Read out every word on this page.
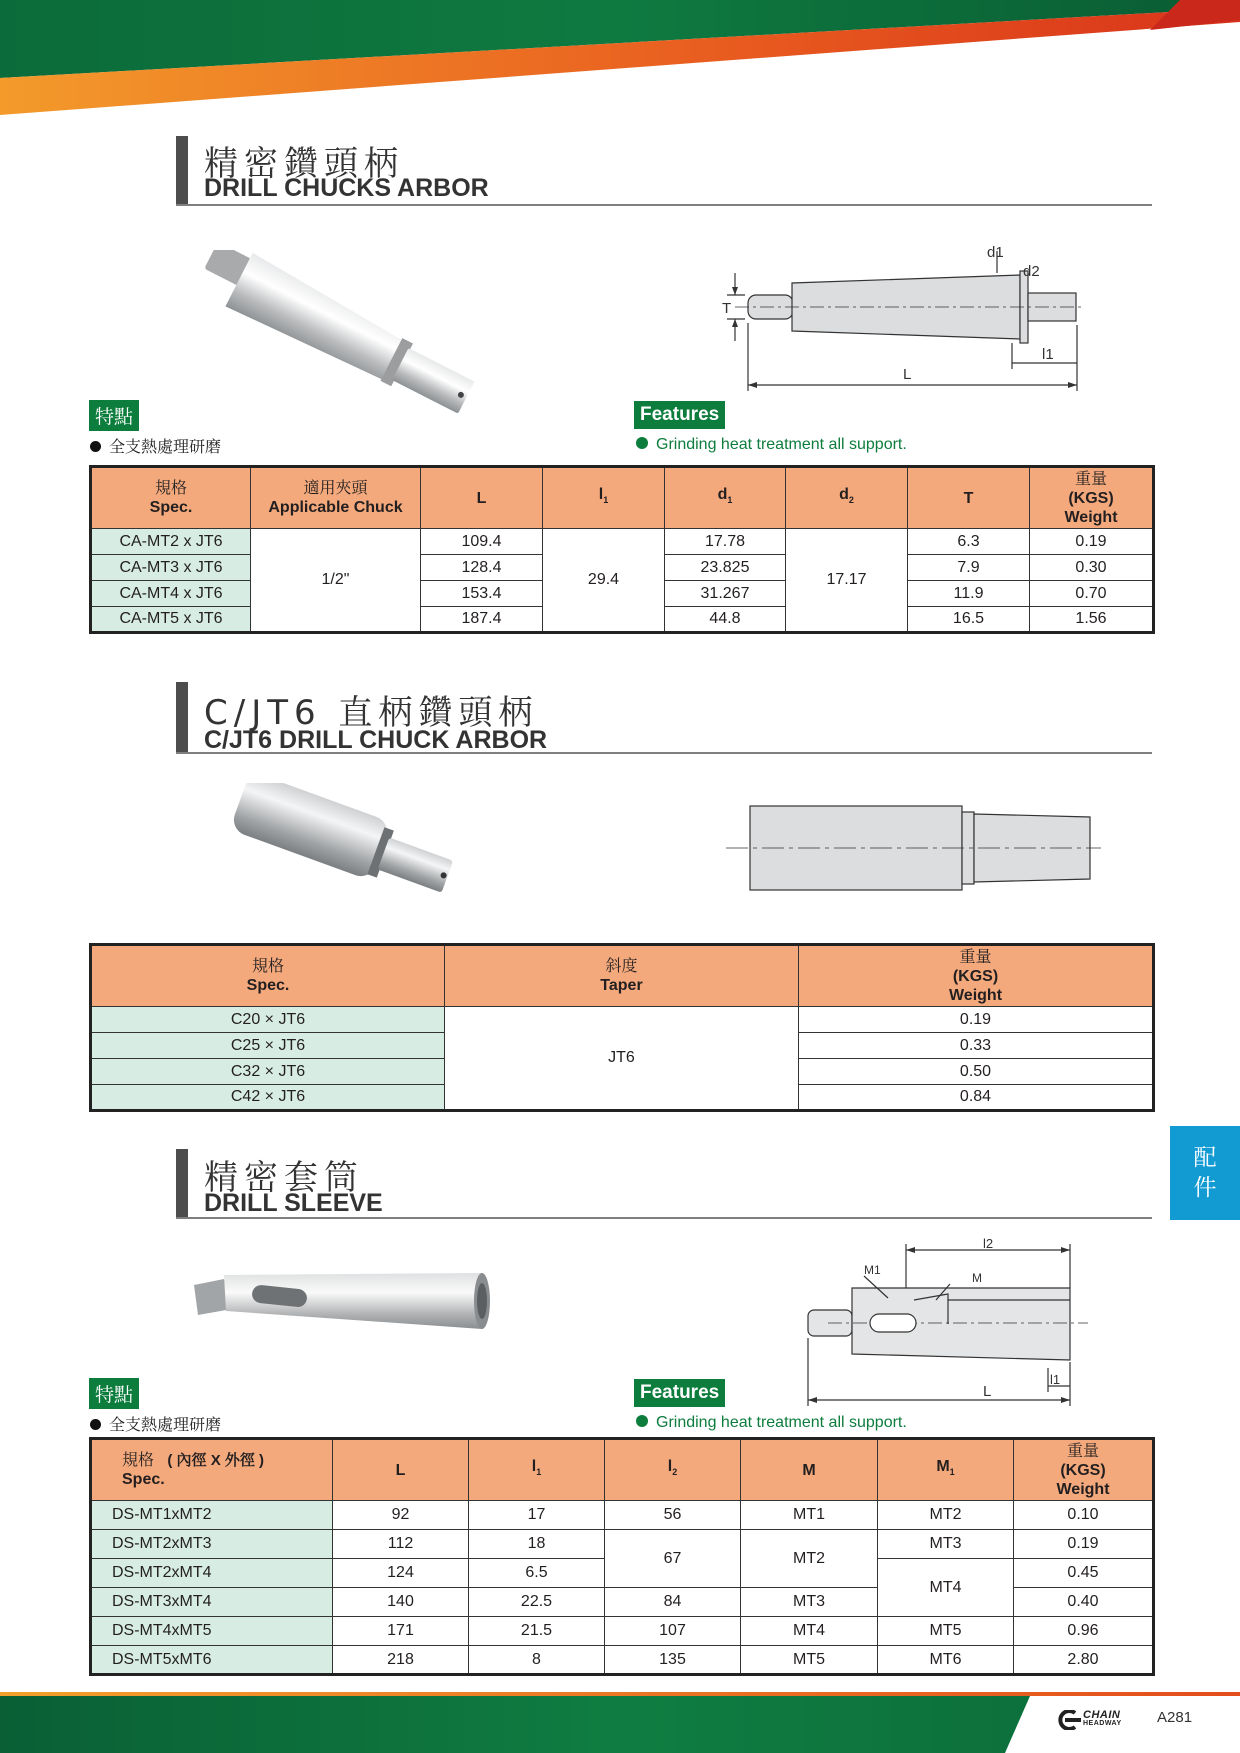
精密鑽頭柄
DRILL CHUCKS ARBOR
L
l1
d1
d2
T
特點
全支熱處理研磨
Features
Grinding heat treatment all support.
規格
Spec.	適用夾頭
Applicable Chuck	L	$l_1$	$d_1$	$d_2$	T	重量
(KGS)
Weight
CA-MT2 x JT6	1/2"	109.4	29.4	17.78	17.17	6.3	0.19
CA-MT3 x JT6		128.4		23.825		7.9	0.30
CA-MT4 x JT6		153.4		31.267		11.9	0.70
CA-MT5 x JT6		187.4		44.8		16.5	1.56
C/JT6 直柄鑽頭柄
C/JT6 DRILL CHUCK ARBOR
規格
Spec.	斜度
Taper	重量
(KGS)
Weight
C20 × JT6	JT6	0.19
C25 × JT6		0.33
C32 × JT6		0.50
C42 × JT6		0.84
配
件
精密套筒
DRILL SLEEVE
L
l2
l1
M1
M
特點
全支熱處理研磨
Features
Grinding heat treatment all support.
規格 ( 內徑 X 外徑 )
Spec.	L	$l_1$	$l_2$	M	$M_1$	重量
(KGS)
Weight
DS-MT1xMT2	92	17	56	MT1	MT2	0.10
DS-MT2xMT3	112	18	67	MT2	MT3	0.19
DS-MT2xMT4	124	6.5			MT4	0.45
DS-MT3xMT4	140	22.5	84	MT3		0.40
DS-MT4xMT5	171	21.5	107	MT4	MT5	0.96
DS-MT5xMT6	218	8	135	MT5	MT6	2.80
CHAIN
HEADWAY A281
